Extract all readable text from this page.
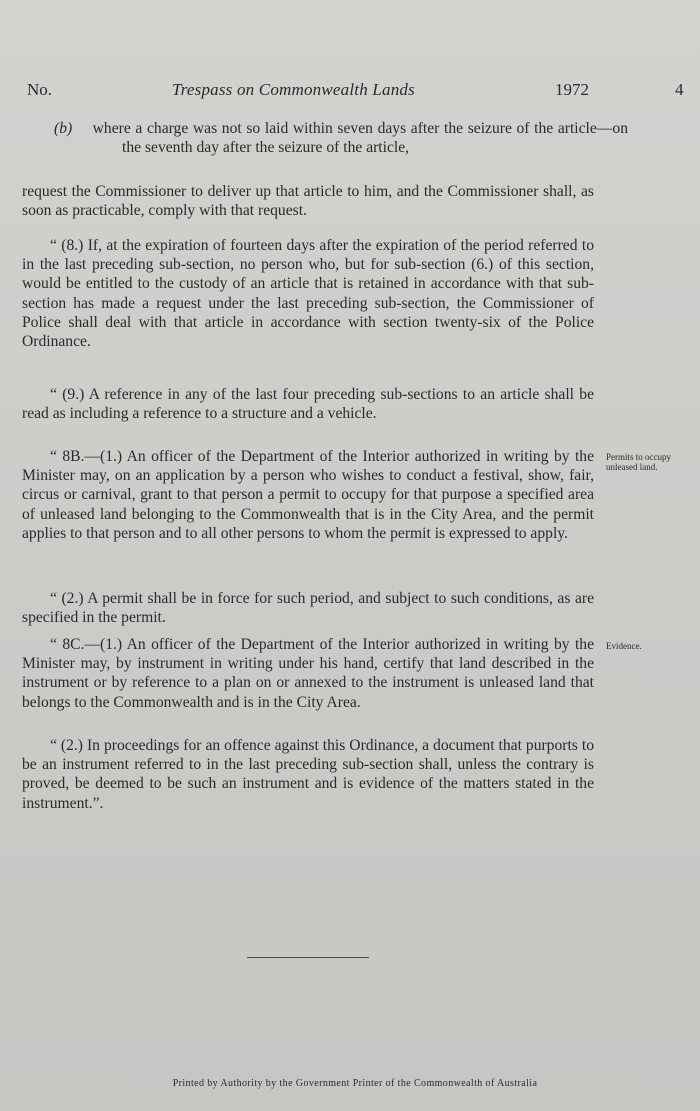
No.	Trespass on Commonwealth Lands	1972	4
(b) where a charge was not so laid within seven days after the seizure of the article—on the seventh day after the seizure of the article,
request the Commissioner to deliver up that article to him, and the Commissioner shall, as soon as practicable, comply with that request.
“ (8.) If, at the expiration of fourteen days after the expiration of the period referred to in the last preceding sub-section, no person who, but for sub-section (6.) of this section, would be entitled to the custody of an article that is retained in accordance with that sub-section has made a request under the last preceding sub-section, the Commissioner of Police shall deal with that article in accordance with section twenty-six of the Police Ordinance.
“ (9.) A reference in any of the last four preceding sub-sections to an article shall be read as including a reference to a structure and a vehicle.
“ 8B.—(1.) An officer of the Department of the Interior authorized in writing by the Minister may, on an application by a person who wishes to conduct a festival, show, fair, circus or carnival, grant to that person a permit to occupy for that purpose a specified area of unleased land belonging to the Commonwealth that is in the City Area, and the permit applies to that person and to all other persons to whom the permit is expressed to apply.
Permits to occupy unleased land.
“ (2.) A permit shall be in force for such period, and subject to such conditions, as are specified in the permit.
“ 8C.—(1.) An officer of the Department of the Interior authorized in writing by the Minister may, by instrument in writing under his hand, certify that land described in the instrument or by reference to a plan on or annexed to the instrument is unleased land that belongs to the Commonwealth and is in the City Area.
Evidence.
“ (2.) In proceedings for an offence against this Ordinance, a document that purports to be an instrument referred to in the last preceding sub-section shall, unless the contrary is proved, be deemed to be such an instrument and is evidence of the matters stated in the instrument.”.
Printed by Authority by the Government Printer of the Commonwealth of Australia
